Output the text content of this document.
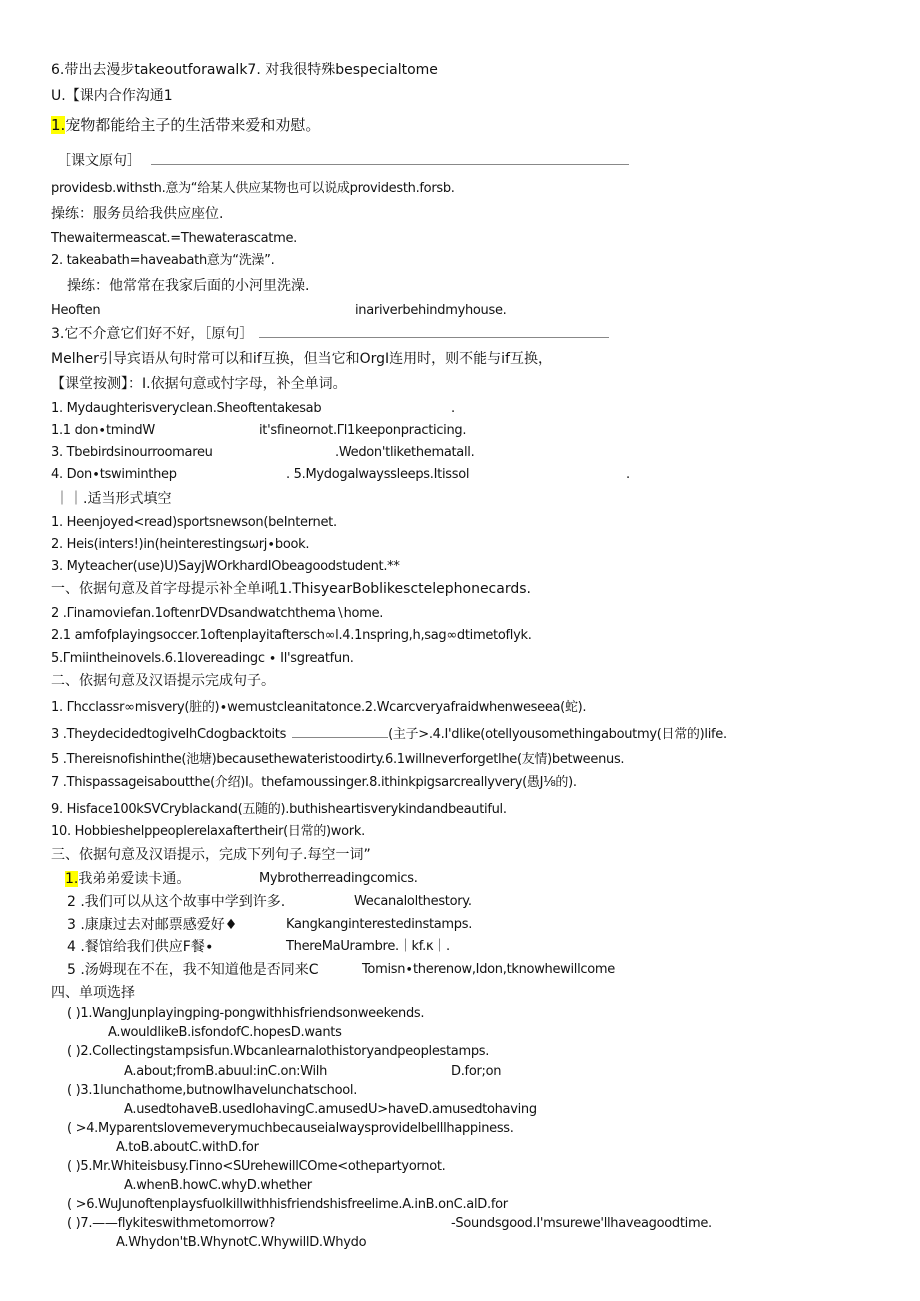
6.带出去漫步takeoutforawalk7. 对我很特殊bespecialtome
U.【课内合作沟通1
1.宠物都能给主子的生活带来爱和劝慰。
［课文原句］
providesb.withsth.意为“给某人供应某物也可以说成providesth.forsb.
操练：服务员给我供应座位.
Thewaitermeascat.=Thewaterascatme.
2. takeabath=haveabath意为“洗澡”.
操练：他常常在我家后面的小河里洗澡.
Heoften	inariverbehindmyhouse.
3.它不介意它们好不好，［原句］
Melher引导宾语从句时常可以和if互换，但当它和OrgI连用时，则不能与if互换，
【课堂按测】：I.依据句意或忖字母，补全单词。
1. Mydaughterisveryclean.Sheoftentakesab	.
1.1 don∙tmindW	it'sfineornot.Γl1keeponpracticing.
3. Tbebirdsinourroomareu	.Wedon'tlikethematall.
4. Don∙tswiminthep	. 5.Mydogalwayssleeps.Itissol	.
｜｜.适当形式填空
1. Heenjoyed<read)sportsnewson(beInternet.
2. Heis(inters!)in(heinterestingsωrj∙book.
3. Myteacher(use)U)SayjWOrkhardIObeagoodstudent.**
一、依据句意及首字母提示补全单i吼1.ThisyearBoblikesctelephonecards.
2 .Γinamoviefan.1oftenrDVDsandwatchthema∖home.
2.1 amfofplayingsoccer.1oftenplayitaftersch∞l.4.1nspring,h,sag∞dtimetoflyk.
5.Γmiintheinovels.6.1lovereadingc ∙ Il'sgreatfun.
二、依据句意及汉语提示完成句子。
1. Γhcclassr∞misvery(脏的)∙wemustcleanitatonce.2.Wcarcveryafraidwhenweseea(蛇).
3 .TheydecidedtogiveIhCdogbacktoits	(主子>.4.I'dlike(otellyousomethingaboutmy(日常的)life.
5 .Thereisnofishinthe(池塘)becausethewateristoodirty.6.1willneverforgetlhe(友情)betweenus.
7 .Thispassageisaboutthe(介绍)I。thefamoussinger.8.ithinkpigsarcreallyvery(愚J⅛的).
9. Hisface100kSVCryblackand(五随的).buthisheartisverykindandbeautiful.
10. Hobbieshelppeoplerelaxaftertheir(日常的)work.
三、依据句意及汉语提示，完成下列句子.每空一词”
1.我弟弟爱读卡通。	Mybrotherreadingcomics.
2 .我们可以从这个故事中学到许多.	Wecanalolthestory.
3 .康康过去对邮票感爱好♦	Kangkanginterestedinstamps.
4 .餐馆给我们供应F餐∙	ThereMaUrambre.｜kf.κ｜.
5 .汤姆现在不在，我不知道他是否同来C	Tomisn∙therenow,Idon,tknowhewillcome
四、单项选择
( )1.WangJunplayingping-pongwithhisfriendsonweekends.
A.wouldlikeB.isfondofC.hopesD.wants
( )2.Collectingstampsisfun.Wbcanlearnalothistoryandpeoplestamps.
A.about;fromB.abuul:inC.on:Wilh	D.for;on
( )3.1lunchathome,butnowIhavelunchatschool.
A.usedtohaveB.usedIohavingC.amusedU>haveD.amusedtohaving
( >4.Myparentslovemeverymuchbecauseialwaysprovidelbelllhappiness.
A.toB.aboutC.withD.for
( )5.Mr.Whiteisbusy.Γinno<SUrehewillCOme<othepartyornot.
A.whenB.howC.whyD.whether
( >6.WuJunoftenplaysfuolkillwithhisfriendshisfreelime.A.inB.onC.alD.for
( )7.——flykiteswithmetomorrow?	-Soundsgood.I'msurewe'llhaveagoodtime.
A.Whydon'tB.WhynotC.WhywillD.Whydo
